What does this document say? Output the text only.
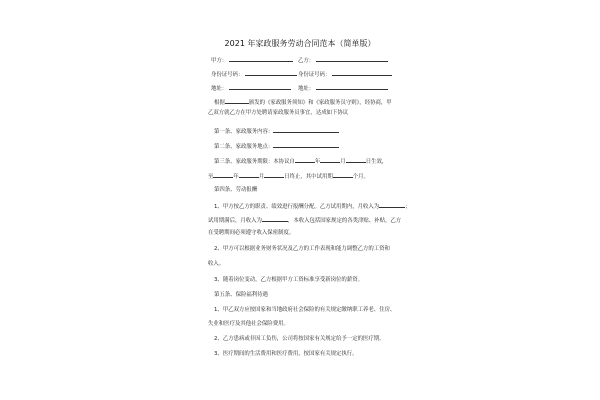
2021 年家政服务劳动合同范本（简单版）
甲方：	乙方：
身份证号码：	身份证号码：
地址：	地址：
根据	颁发的《家政服务须知》和《家政服务员守则》，经协商，甲
乙双方就乙方在甲方处聘请家政服务员事宜，达成如下协议
第一条、家政服务内容：
第二条、家政服务地点：
第三条、家政服务期限：本协议自	年	月	日生效，
至	年	月	日终止，其中试用期	个月。
第四条、劳动报酬
1、甲方按乙方的职责、绩效进行报酬分配。乙方试用期内，月收入为	；
试用期满后，月收入为	，本收入包括国家规定的各类津贴、补贴。乙方
在受聘期间必须遵守收入保密制度。
2、甲方可以根据业务财务状况及乙方的工作表现和能力调整乙方的工资和
收入。
3、随着岗位变动，乙方根据甲方工资标准享受新岗位的薪资。
第五条、保险福利待遇
1、甲乙双方应按国家和当地政府社会保险的有关规定缴纳职工养老、住房、
失业和医疗及其他社会保险费用。
2、乙方患病或非因工负伤，公司将按国家有关规定给予一定的医疗期。
3、医疗期间的生活费用和医疗费用，按国家有关规定执行。
